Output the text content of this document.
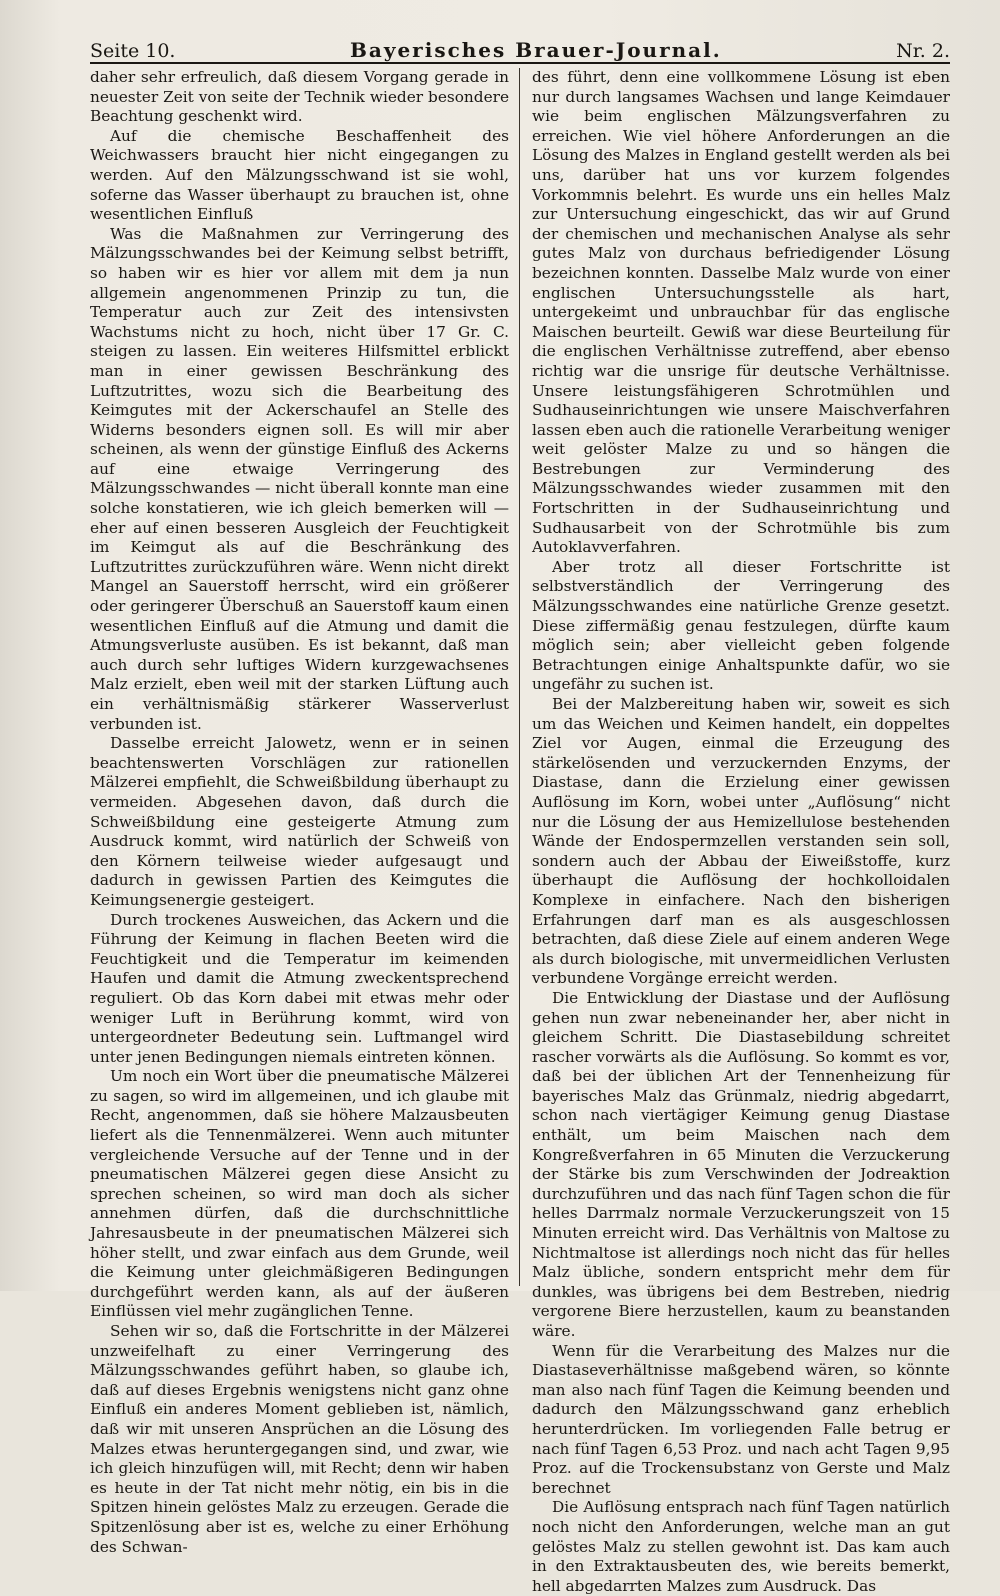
Seite 10.	Bayerisches Brauer-Journal.	Nr. 2.

daher sehr erfreulich, daß diesem Vorgang gerade in neuester Zeit von seite der Technik wieder besondere Beachtung geschenkt wird.

Auf die chemische Beschaffenheit des Weichwassers braucht hier nicht eingegangen zu werden. Auf den Mälzungsschwand ist sie wohl, soferne das Wasser überhaupt zu brauchen ist, ohne wesentlichen Einfluß

Was die Maßnahmen zur Verringerung des Mälzungsschwandes bei der Keimung selbst betrifft, so haben wir es hier vor allem mit dem ja nun allgemein angenommenen Prinzip zu tun, die Temperatur auch zur Zeit des intensivsten Wachstums nicht zu hoch, nicht über 17 Gr. C. steigen zu lassen. Ein weiteres Hilfsmittel erblickt man in einer gewissen Beschränkung des Luftzutrittes, wozu sich die Bearbeitung des Keimgutes mit der Ackerschaufel an Stelle des Widerns besonders eignen soll. Es will mir aber scheinen, als wenn der günstige Einfluß des Ackerns auf eine etwaige Verringerung des Mälzungsschwandes — nicht überall konnte man eine solche konstatieren, wie ich gleich bemerken will — eher auf einen besseren Ausgleich der Feuchtigkeit im Keimgut als auf die Beschränkung des Luftzutrittes zurückzuführen wäre. Wenn nicht direkt Mangel an Sauerstoff herrscht, wird ein größerer oder geringerer Überschuß an Sauerstoff kaum einen wesentlichen Einfluß auf die Atmung und damit die Atmungsverluste ausüben. Es ist bekannt, daß man auch durch sehr luftiges Widern kurzgewachsenes Malz erzielt, eben weil mit der starken Lüftung auch ein verhältnismäßig stärkerer Wasserverlust verbunden ist.

Dasselbe erreicht Jalowetz, wenn er in seinen beachtenswerten Vorschlägen zur rationellen Mälzerei empfiehlt, die Schweißbildung überhaupt zu vermeiden. Abgesehen davon, daß durch die Schweißbildung eine gesteigerte Atmung zum Ausdruck kommt, wird natürlich der Schweiß von den Körnern teilweise wieder aufgesaugt und dadurch in gewissen Partien des Keimgutes die Keimungsenergie gesteigert.

Durch trockenes Ausweichen, das Ackern und die Führung der Keimung in flachen Beeten wird die Feuchtigkeit und die Temperatur im keimenden Haufen und damit die Atmung zweckentsprechend reguliert. Ob das Korn dabei mit etwas mehr oder weniger Luft in Berührung kommt, wird von untergeordneter Bedeutung sein. Luftmangel wird unter jenen Bedingungen niemals eintreten können.

Um noch ein Wort über die pneumatische Mälzerei zu sagen, so wird im allgemeinen, und ich glaube mit Recht, angenommen, daß sie höhere Malzausbeuten liefert als die Tennenmälzerei. Wenn auch mitunter vergleichende Versuche auf der Tenne und in der pneumatischen Mälzerei gegen diese Ansicht zu sprechen scheinen, so wird man doch als sicher annehmen dürfen, daß die durchschnittliche Jahresausbeute in der pneumatischen Mälzerei sich höher stellt, und zwar einfach aus dem Grunde, weil die Keimung unter gleichmäßigeren Bedingungen durchgeführt werden kann, als auf der äußeren Einflüssen viel mehr zugänglichen Tenne.

Sehen wir so, daß die Fortschritte in der Mälzerei unzweifelhaft zu einer Verringerung des Mälzungsschwandes geführt haben, so glaube ich, daß auf dieses Ergebnis wenigstens nicht ganz ohne Einfluß ein anderes Moment geblieben ist, nämlich, daß wir mit unseren Ansprüchen an die Lösung des Malzes etwas heruntergegangen sind, und zwar, wie ich gleich hinzufügen will, mit Recht; denn wir haben es heute in der Tat nicht mehr nötig, ein bis in die Spitzen hinein gelöstes Malz zu erzeugen. Gerade die Spitzenlösung aber ist es, welche zu einer Erhöhung des Schwan-

des führt, denn eine vollkommene Lösung ist eben nur durch langsames Wachsen und lange Keimdauer wie beim englischen Mälzungsverfahren zu erreichen. Wie viel höhere Anforderungen an die Lösung des Malzes in England gestellt werden als bei uns, darüber hat uns vor kurzem folgendes Vorkommnis belehrt. Es wurde uns ein helles Malz zur Untersuchung eingeschickt, das wir auf Grund der chemischen und mechanischen Analyse als sehr gutes Malz von durchaus befriedigender Lösung bezeichnen konnten. Dasselbe Malz wurde von einer englischen Untersuchungsstelle als hart, untergekeimt und unbrauchbar für das englische Maischen beurteilt. Gewiß war diese Beurteilung für die englischen Verhältnisse zutreffend, aber ebenso richtig war die unsrige für deutsche Verhältnisse. Unsere leistungsfähigeren Schrotmühlen und Sudhauseinrichtungen wie unsere Maischverfahren lassen eben auch die rationelle Verarbeitung weniger weit gelöster Malze zu und so hängen die Bestrebungen zur Verminderung des Mälzungsschwandes wieder zusammen mit den Fortschritten in der Sudhauseinrichtung und Sudhausarbeit von der Schrotmühle bis zum Autoklavverfahren.

Aber trotz all dieser Fortschritte ist selbstverständlich der Verringerung des Mälzungsschwandes eine natürliche Grenze gesetzt. Diese ziffermäßig genau festzulegen, dürfte kaum möglich sein; aber vielleicht geben folgende Betrachtungen einige Anhaltspunkte dafür, wo sie ungefähr zu suchen ist.

Bei der Malzbereitung haben wir, soweit es sich um das Weichen und Keimen handelt, ein doppeltes Ziel vor Augen, einmal die Erzeugung des stärkelösenden und verzuckernden Enzyms, der Diastase, dann die Erzielung einer gewissen Auflösung im Korn, wobei unter „Auflösung“ nicht nur die Lösung der aus Hemizellulose bestehenden Wände der Endospermzellen verstanden sein soll, sondern auch der Abbau der Eiweißstoffe, kurz überhaupt die Auflösung der hochkolloidalen Komplexe in einfachere. Nach den bisherigen Erfahrungen darf man es als ausgeschlossen betrachten, daß diese Ziele auf einem anderen Wege als durch biologische, mit unvermeidlichen Verlusten verbundene Vorgänge erreicht werden.

Die Entwicklung der Diastase und der Auflösung gehen nun zwar nebeneinander her, aber nicht in gleichem Schritt. Die Diastasebildung schreitet rascher vorwärts als die Auflösung. So kommt es vor, daß bei der üblichen Art der Tennenheizung für bayerisches Malz das Grünmalz, niedrig abgedarrt, schon nach viertägiger Keimung genug Diastase enthält, um beim Maischen nach dem Kongreßverfahren in 65 Minuten die Verzuckerung der Stärke bis zum Verschwinden der Jodreaktion durchzuführen und das nach fünf Tagen schon die für helles Darrmalz normale Verzuckerungszeit von 15 Minuten erreicht wird. Das Verhältnis von Maltose zu Nichtmaltose ist allerdings noch nicht das für helles Malz übliche, sondern entspricht mehr dem für dunkles, was übrigens bei dem Bestreben, niedrig vergorene Biere herzustellen, kaum zu beanstanden wäre.

Wenn für die Verarbeitung des Malzes nur die Diastaseverhältnisse maßgebend wären, so könnte man also nach fünf Tagen die Keimung beenden und dadurch den Mälzungsschwand ganz erheblich herunterdrücken. Im vorliegenden Falle betrug er nach fünf Tagen 6,53 Proz. und nach acht Tagen 9,95 Proz. auf die Trockensubstanz von Gerste und Malz berechnet

Die Auflösung entsprach nach fünf Tagen natürlich noch nicht den Anforderungen, welche man an gut gelöstes Malz zu stellen gewohnt ist. Das kam auch in den Extraktausbeuten des, wie bereits bemerkt, hell abgedarrten Malzes zum Ausdruck. Das
